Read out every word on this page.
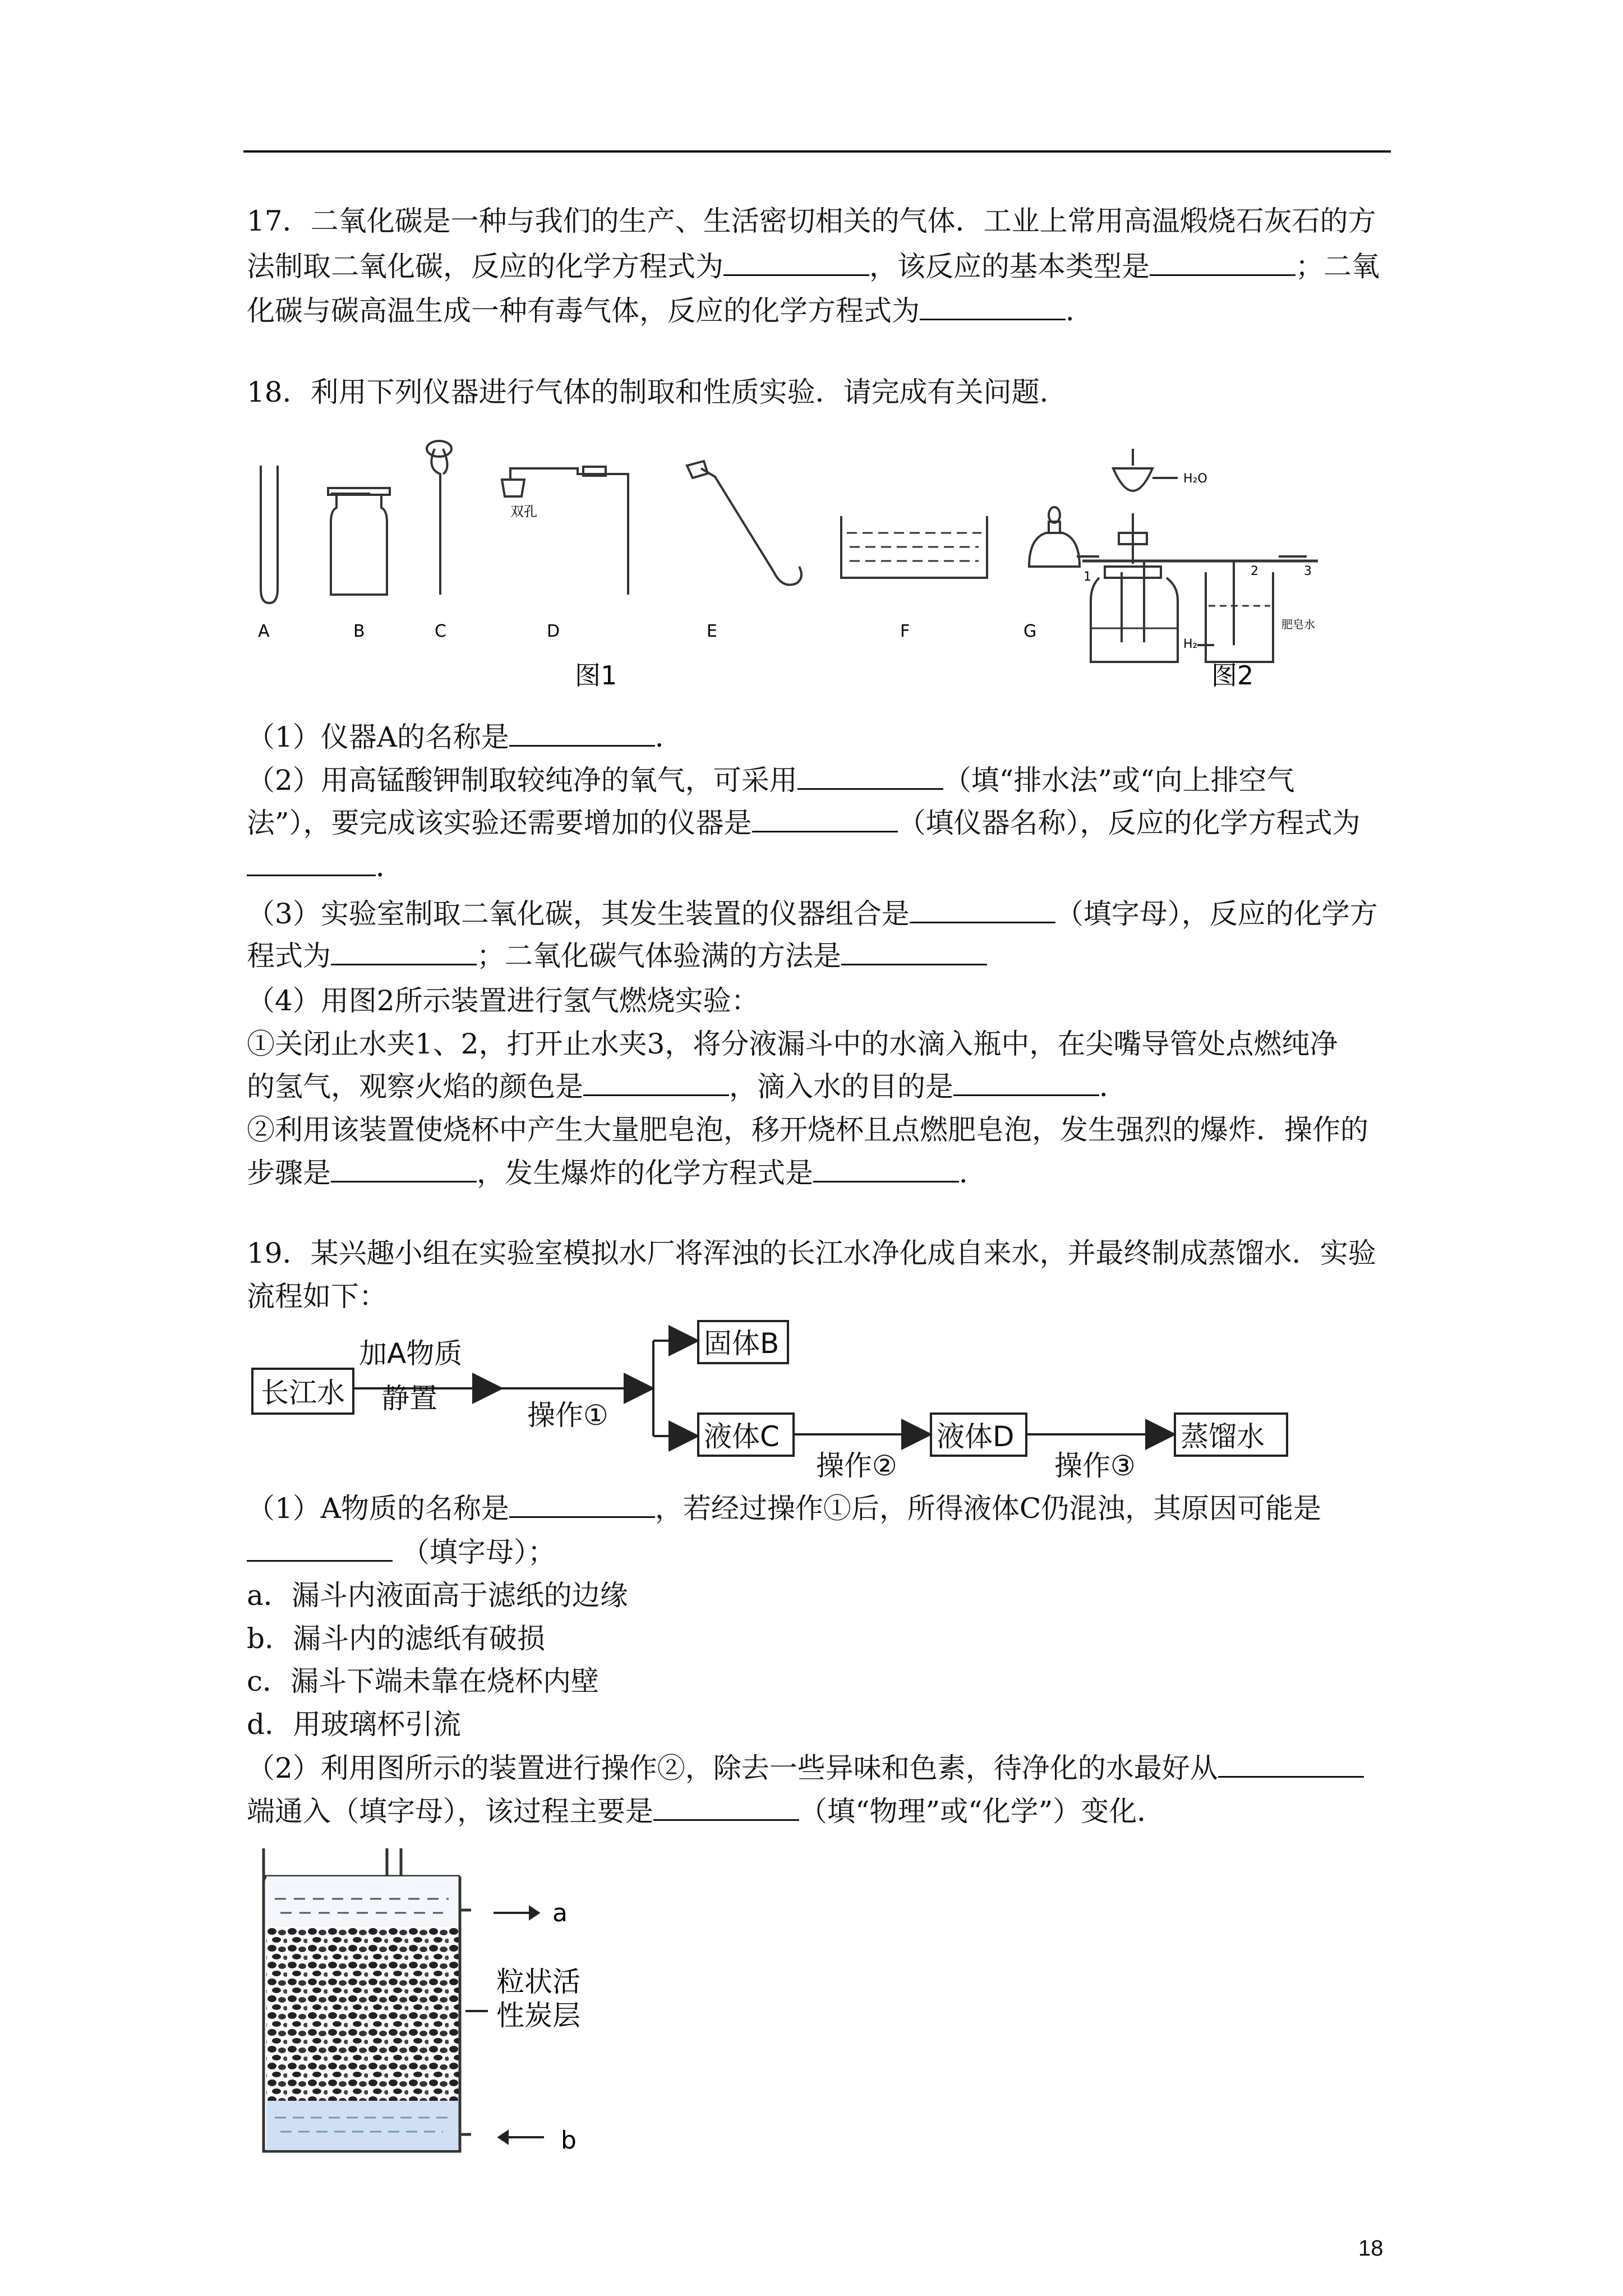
17．二氧化碳是一种与我们的生产、生活密切相关的气体．工业上常用高温煅烧石灰石的方
法制取二氧化碳，反应的化学方程式为	，该反应的基本类型是	；二氧
化碳与碳高温生成一种有毒气体，反应的化学方程式为	．
18．利用下列仪器进行气体的制取和性质实验．请完成有关问题．
H₂O
1	2	3
H₂
肥皂水
双孔
A	B	C	D	E	F	G
图1	图2
（1）仪器A的名称是	．
（2）用高锰酸钾制取较纯净的氧气，可采用	（填“排水法”或“向上排空气
法”），要完成该实验还需要增加的仪器是	（填仪器名称），反应的化学方程式为
．
（3）实验室制取二氧化碳，其发生装置的仪器组合是	（填字母），反应的化学方
程式为	；二氧化碳气体验满的方法是
（4）用图2所示装置进行氢气燃烧实验：
①关闭止水夹1、2，打开止水夹3，将分液漏斗中的水滴入瓶中，在尖嘴导管处点燃纯净
的氢气，观察火焰的颜色是	，滴入水的目的是	．
②利用该装置使烧杯中产生大量肥皂泡，移开烧杯且点燃肥皂泡，发生强烈的爆炸．操作的
步骤是	，发生爆炸的化学方程式是	．
19．某兴趣小组在实验室模拟水厂将浑浊的长江水净化成自来水，并最终制成蒸馏水．实验
流程如下：
长江水
加A物质
静置
操作①
固体B
液体C
操作②
液体D
操作③
蒸馏水
（1）A物质的名称是	，若经过操作①后，所得液体C仍混浊，其原因可能是
（填字母）；
a．漏斗内液面高于滤纸的边缘
b．漏斗内的滤纸有破损
c．漏斗下端未靠在烧杯内壁
d．用玻璃杯引流
（2）利用图所示的装置进行操作②，除去一些异味和色素，待净化的水最好从
端通入（填字母），该过程主要是	（填“物理”或“化学”）变化．
a
b
粒状活
性炭层
18
